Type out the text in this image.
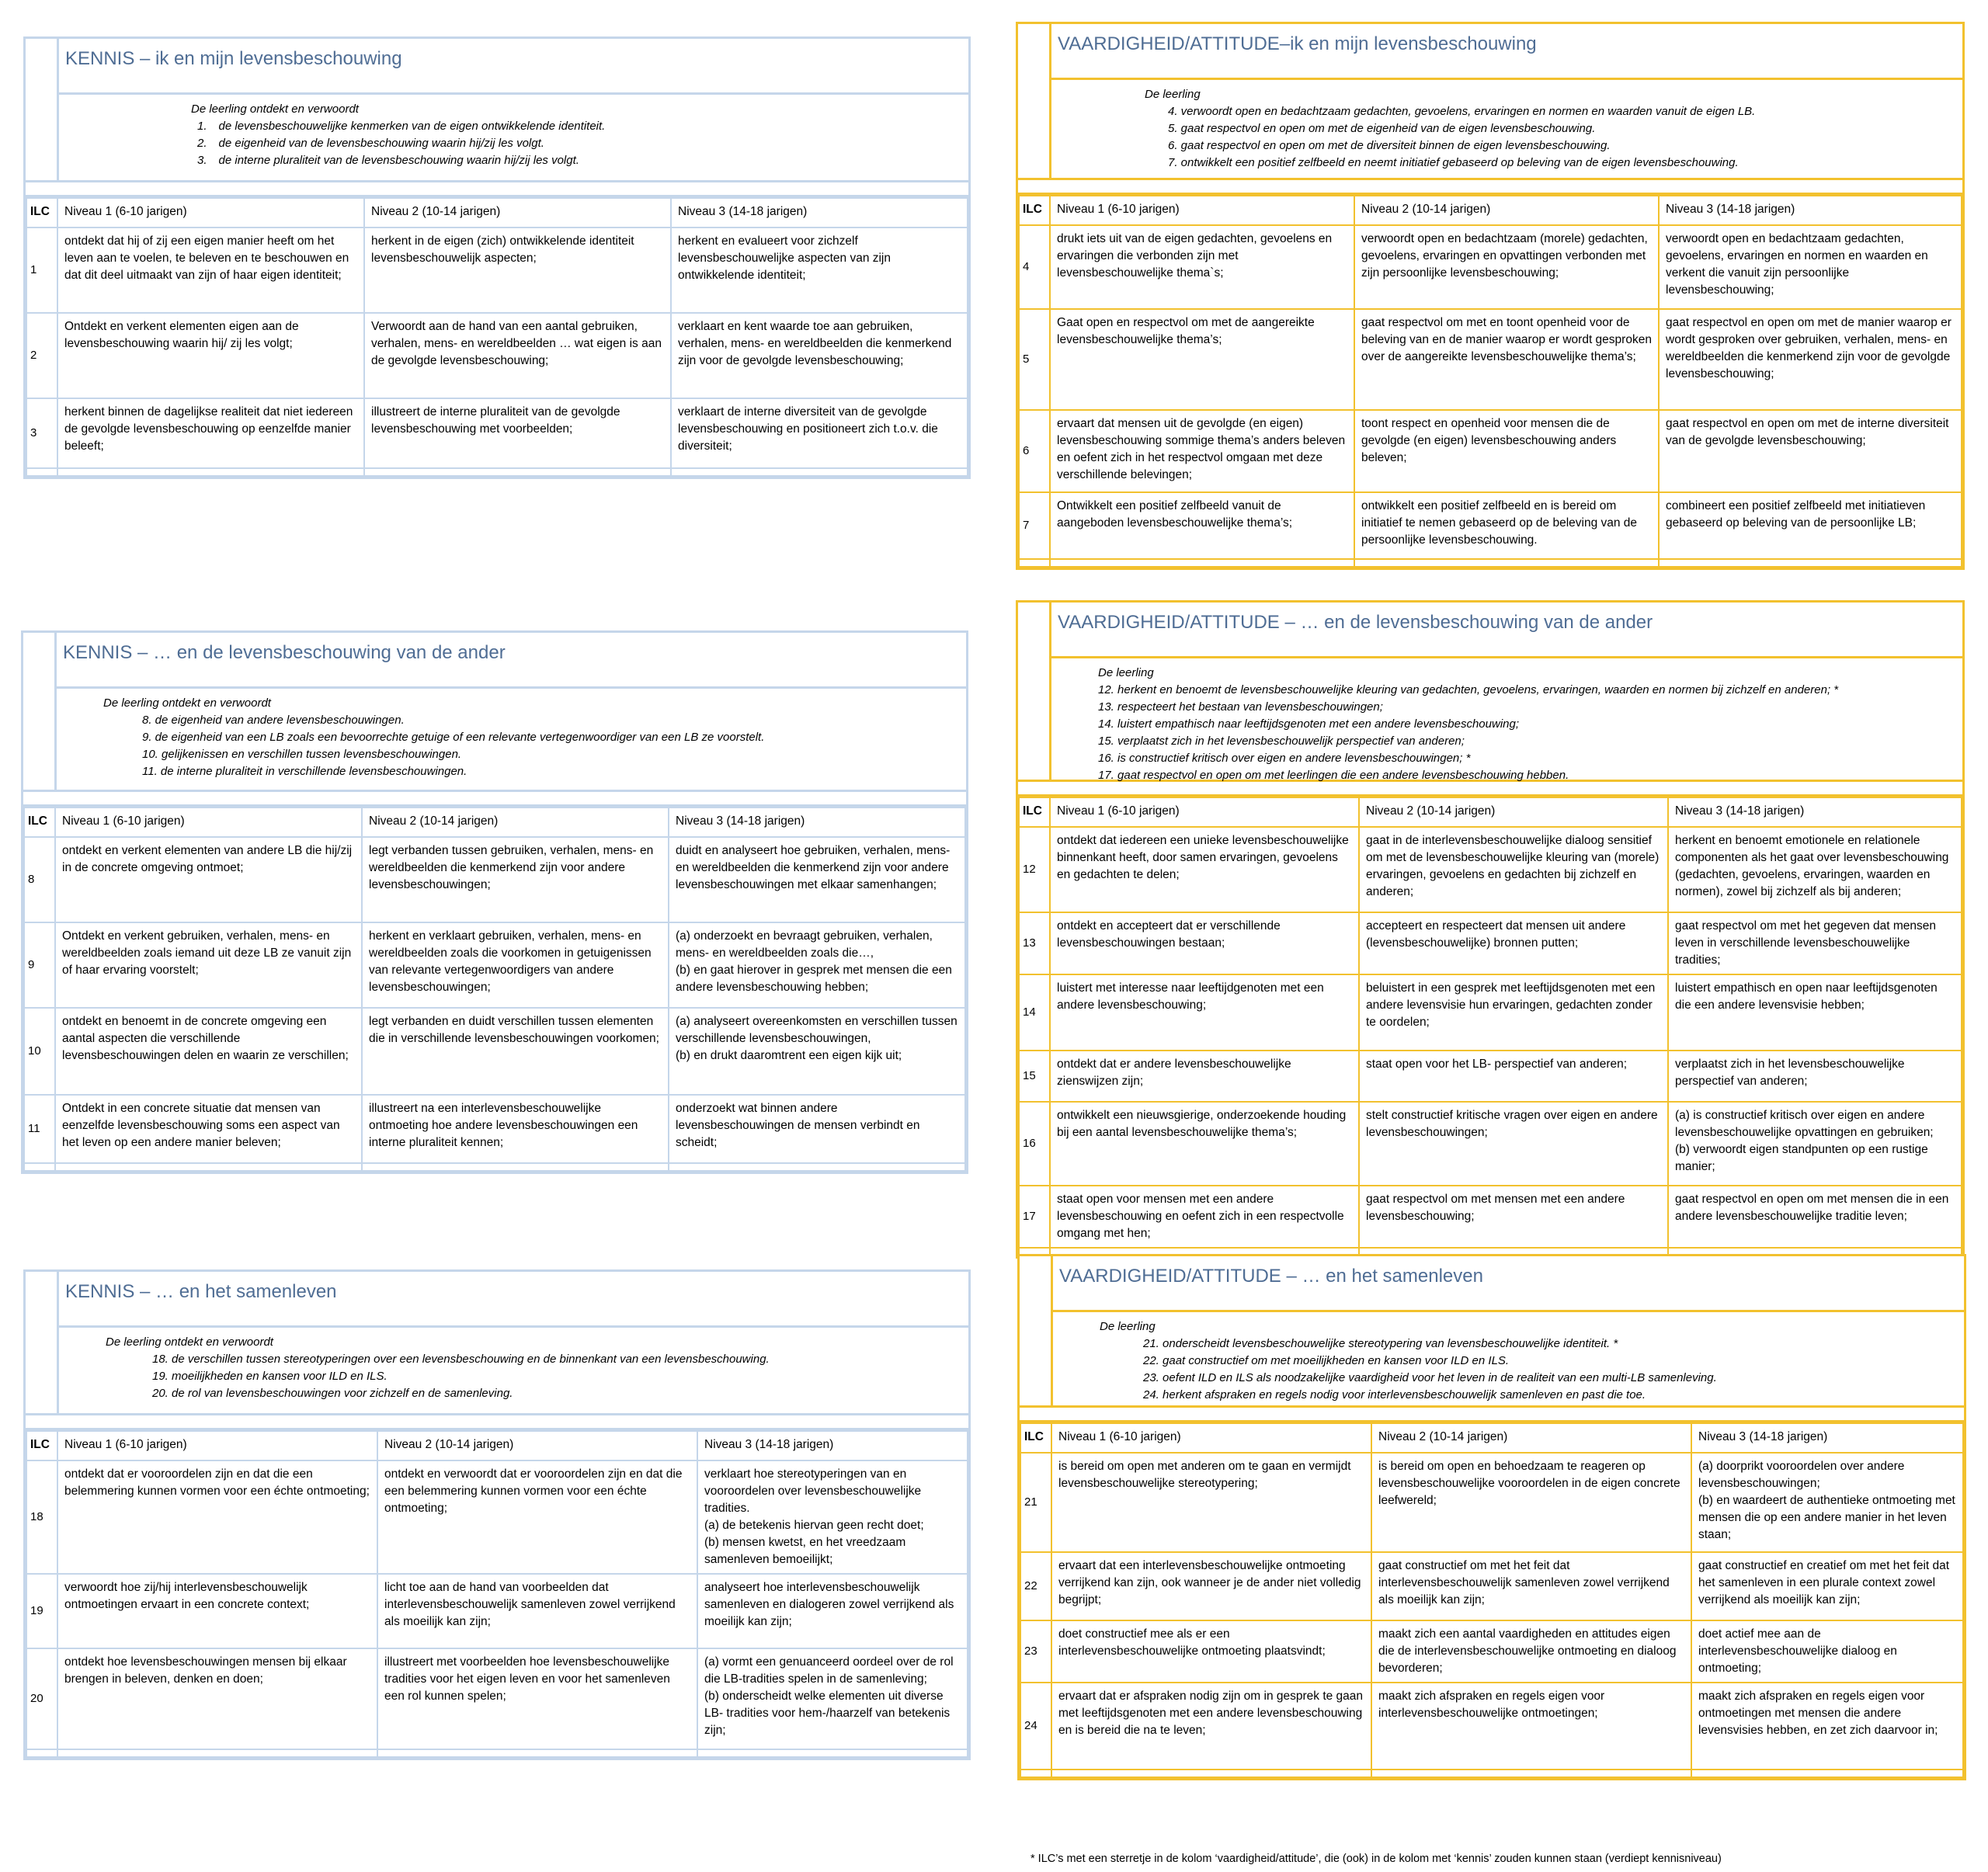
KENNIS – ik en mijn levensbeschouwing
De leerling ontdekt en verwoordt
1. de levensbeschouwelijke kenmerken van de eigen ontwikkelende identiteit.
2. de eigenheid van de levensbeschouwing waarin hij/zij les volgt.
3. de interne pluraliteit van de levensbeschouwing waarin hij/zij les volgt.
ILC	Niveau 1 (6-10 jarigen)	Niveau 2 (10-14 jarigen)	Niveau 3 (14-18 jarigen)
1	ontdekt dat hij of zij een eigen manier heeft om het leven aan te voelen, te beleven en te beschouwen en dat dit deel uitmaakt van zijn of haar eigen identiteit;	herkent in de eigen (zich) ontwikkelende identiteit levensbeschouwelijk aspecten;	herkent en evalueert voor zichzelf levensbeschouwelijke aspecten van zijn ontwikkelende identiteit;
2	Ontdekt en verkent elementen eigen aan de levensbeschouwing waarin hij/ zij les volgt;	Verwoordt aan de hand van een aantal gebruiken, verhalen, mens- en wereldbeelden … wat eigen is aan de gevolgde levensbeschouwing;	verklaart en kent waarde toe aan gebruiken, verhalen, mens- en wereldbeelden die kenmerkend zijn voor de gevolgde levensbeschouwing;
3	herkent binnen de dagelijkse realiteit dat niet iedereen de gevolgde levensbeschouwing op eenzelfde manier beleeft;	illustreert de interne pluraliteit van de gevolgde levensbeschouwing met voorbeelden;	verklaart de interne diversiteit van de gevolgde levensbeschouwing en positioneert zich t.o.v. die diversiteit;

KENNIS – … en de levensbeschouwing van de ander
De leerling ontdekt en verwoordt
8. de eigenheid van andere levensbeschouwingen.
9. de eigenheid van een LB zoals een bevoorrechte getuige of een relevante vertegenwoordiger van een LB ze voorstelt.
10. gelijkenissen en verschillen tussen levensbeschouwingen.
11. de interne pluraliteit in verschillende levensbeschouwingen.
ILC	Niveau 1 (6-10 jarigen)	Niveau 2 (10-14 jarigen)	Niveau 3 (14-18 jarigen)
8	ontdekt en verkent elementen van andere LB die hij/zij in de concrete omgeving ontmoet;	legt verbanden tussen gebruiken, verhalen, mens- en wereldbeelden die kenmerkend zijn voor andere levensbeschouwingen;	duidt en analyseert hoe gebruiken, verhalen, mens- en wereldbeelden die kenmerkend zijn voor andere levensbeschouwingen met elkaar samenhangen;
9	Ontdekt en verkent gebruiken, verhalen, mens- en wereldbeelden zoals iemand uit deze LB ze vanuit zijn of haar ervaring voorstelt;	herkent en verklaart gebruiken, verhalen, mens- en wereldbeelden zoals die voorkomen in getuigenissen van relevante vertegenwoordigers van andere levensbeschouwingen;	(a) onderzoekt en bevraagt gebruiken, verhalen, mens- en wereldbeelden zoals die…,
(b) en gaat hierover in gesprek met mensen die een andere levensbeschouwing hebben;
10	ontdekt en benoemt in de concrete omgeving een aantal aspecten die verschillende levensbeschouwingen delen en waarin ze verschillen;	legt verbanden en duidt verschillen tussen elementen die in verschillende levensbeschouwingen voorkomen;	(a) analyseert overeenkomsten en verschillen tussen verschillende levensbeschouwingen,
(b) en drukt daaromtrent een eigen kijk uit;
11	Ontdekt in een concrete situatie dat mensen van eenzelfde levensbeschouwing soms een aspect van het leven op een andere manier beleven;	illustreert na een interlevensbeschouwelijke ontmoeting hoe andere levensbeschouwingen een interne pluraliteit kennen;	onderzoekt wat binnen andere levensbeschouwingen de mensen verbindt en scheidt;

KENNIS – … en het samenleven
De leerling ontdekt en verwoordt
18. de verschillen tussen stereotyperingen over een levensbeschouwing en de binnenkant van een levensbeschouwing.
19. moeilijkheden en kansen voor ILD en ILS.
20. de rol van levensbeschouwingen voor zichzelf en de samenleving.
ILC	Niveau 1 (6-10 jarigen)	Niveau 2 (10-14 jarigen)	Niveau 3 (14-18 jarigen)
18	ontdekt dat er vooroordelen zijn en dat die een belemmering kunnen vormen voor een échte ontmoeting;	ontdekt en verwoordt dat er vooroordelen zijn en dat die een belemmering kunnen vormen voor een échte ontmoeting;	verklaart hoe stereotyperingen van en vooroordelen over levensbeschouwelijke tradities.
(a) de betekenis hiervan geen recht doet;
(b) mensen kwetst, en het vreedzaam samenleven bemoeilijkt;
19	verwoordt hoe zij/hij interlevensbeschouwelijk ontmoetingen ervaart in een concrete context;	licht toe aan de hand van voorbeelden dat interlevensbeschouwelijk samenleven zowel verrijkend als moeilijk kan zijn;	analyseert hoe interlevensbeschouwelijk samenleven en dialogeren zowel verrijkend als moeilijk kan zijn;
20	ontdekt hoe levensbeschouwingen mensen bij elkaar brengen in beleven, denken en doen;	illustreert met voorbeelden hoe levensbeschouwelijke tradities voor het eigen leven en voor het samenleven een rol kunnen spelen;	(a) vormt een genuanceerd oordeel over de rol die LB-tradities spelen in de samenleving;
(b) onderscheidt welke elementen uit diverse LB- tradities voor hem-/haarzelf van betekenis zijn;

VAARDIGHEID/ATTITUDE–ik en mijn levensbeschouwing
De leerling
4. verwoordt open en bedachtzaam gedachten, gevoelens, ervaringen en normen en waarden vanuit de eigen LB.
5. gaat respectvol en open om met de eigenheid van de eigen levensbeschouwing.
6. gaat respectvol en open om met de diversiteit binnen de eigen levensbeschouwing.
7. ontwikkelt een positief zelfbeeld en neemt initiatief gebaseerd op beleving van de eigen levensbeschouwing.
ILC	Niveau 1 (6-10 jarigen)	Niveau 2 (10-14 jarigen)	Niveau 3 (14-18 jarigen)
4	drukt iets uit van de eigen gedachten, gevoelens en ervaringen die verbonden zijn met levensbeschouwelijke thema`s;	verwoordt open en bedachtzaam (morele) gedachten, gevoelens, ervaringen en opvattingen verbonden met zijn persoonlijke levensbeschouwing;	verwoordt open en bedachtzaam gedachten, gevoelens, ervaringen en normen en waarden en verkent die vanuit zijn persoonlijke levensbeschouwing;
5	Gaat open en respectvol om met de aangereikte levensbeschouwelijke thema’s;	gaat respectvol om met en toont openheid voor de beleving van en de manier waarop er wordt gesproken over de aangereikte levensbeschouwelijke thema’s;	gaat respectvol en open om met de manier waarop er wordt gesproken over gebruiken, verhalen, mens- en wereldbeelden die kenmerkend zijn voor de gevolgde levensbeschouwing;
6	ervaart dat mensen uit de gevolgde (en eigen) levensbeschouwing sommige thema’s anders beleven en oefent zich in het respectvol omgaan met deze verschillende belevingen;	toont respect en openheid voor mensen die de gevolgde (en eigen) levensbeschouwing anders beleven;	gaat respectvol en open om met de interne diversiteit van de gevolgde levensbeschouwing;
7	Ontwikkelt een positief zelfbeeld vanuit de aangeboden levensbeschouwelijke thema’s;	ontwikkelt een positief zelfbeeld en is bereid om initiatief te nemen gebaseerd op de beleving van de persoonlijke levensbeschouwing.	combineert een positief zelfbeeld met initiatieven gebaseerd op beleving van de persoonlijke LB;

VAARDIGHEID/ATTITUDE – … en de levensbeschouwing van de ander
De leerling
12. herkent en benoemt de levensbeschouwelijke kleuring van gedachten, gevoelens, ervaringen, waarden en normen bij zichzelf en anderen; *
13. respecteert het bestaan van levensbeschouwingen;
14. luistert empathisch naar leeftijdsgenoten met een andere levensbeschouwing;
15. verplaatst zich in het levensbeschouwelijk perspectief van anderen;
16. is constructief kritisch over eigen en andere levensbeschouwingen; *
17. gaat respectvol en open om met leerlingen die een andere levensbeschouwing hebben.
ILC	Niveau 1 (6-10 jarigen)	Niveau 2 (10-14 jarigen)	Niveau 3 (14-18 jarigen)
12	ontdekt dat iedereen een unieke levensbeschouwelijke binnenkant heeft, door samen ervaringen, gevoelens en gedachten te delen;	gaat in de interlevensbeschouwelijke dialoog sensitief om met de levensbeschouwelijke kleuring van (morele) ervaringen, gevoelens en gedachten bij zichzelf en anderen;	herkent en benoemt emotionele en relationele componenten als het gaat over levensbeschouwing (gedachten, gevoelens, ervaringen, waarden en normen), zowel bij zichzelf als bij anderen;
13	ontdekt en accepteert dat er verschillende levensbeschouwingen bestaan;	accepteert en respecteert dat mensen uit andere (levensbeschouwelijke) bronnen putten;	gaat respectvol om met het gegeven dat mensen leven in verschillende levensbeschouwelijke tradities;
14	luistert met interesse naar leeftijdgenoten met een andere levensbeschouwing;	beluistert in een gesprek met leeftijdsgenoten met een andere levensvisie hun ervaringen, gedachten zonder te oordelen;	luistert empathisch en open naar leeftijdsgenoten die een andere levensvisie hebben;
15	ontdekt dat er andere levensbeschouwelijke zienswijzen zijn;	staat open voor het LB- perspectief van anderen;	verplaatst zich in het levensbeschouwelijke perspectief van anderen;
16	ontwikkelt een nieuwsgierige, onderzoekende houding bij een aantal levensbeschouwelijke thema’s;	stelt constructief kritische vragen over eigen en andere levensbeschouwingen;	(a) is constructief kritisch over eigen en andere levensbeschouwelijke opvattingen en gebruiken;
(b) verwoordt eigen standpunten op een rustige manier;
17	staat open voor mensen met een andere levensbeschouwing en oefent zich in een respectvolle omgang met hen;	gaat respectvol om met mensen met een andere levensbeschouwing;	gaat respectvol en open om met mensen die in een andere levensbeschouwelijke traditie leven;

VAARDIGHEID/ATTITUDE – … en het samenleven
De leerling
21. onderscheidt levensbeschouwelijke stereotypering van levensbeschouwelijke identiteit. *
22. gaat constructief om met moeilijkheden en kansen voor ILD en ILS.
23. oefent ILD en ILS als noodzakelijke vaardigheid voor het leven in de realiteit van een multi-LB samenleving.
24. herkent afspraken en regels nodig voor interlevensbeschouwelijk samenleven en past die toe.
ILC	Niveau 1 (6-10 jarigen)	Niveau 2 (10-14 jarigen)	Niveau 3 (14-18 jarigen)
21	is bereid om open met anderen om te gaan en vermijdt levensbeschouwelijke stereotypering;	is bereid om open en behoedzaam te reageren op levensbeschouwelijke vooroordelen in de eigen concrete leefwereld;	(a) doorprikt vooroordelen over andere levensbeschouwingen;
(b) en waardeert de authentieke ontmoeting met mensen die op een andere manier in het leven staan;
22	ervaart dat een interlevensbeschouwelijke ontmoeting verrijkend kan zijn, ook wanneer je de ander niet volledig begrijpt;	gaat constructief om met het feit dat interlevensbeschouwelijk samenleven zowel verrijkend als moeilijk kan zijn;	gaat constructief en creatief om met het feit dat het samenleven in een plurale context zowel verrijkend als moeilijk kan zijn;
23	doet constructief mee als er een interlevensbeschouwelijke ontmoeting plaatsvindt;	maakt zich een aantal vaardigheden en attitudes eigen die de interlevensbeschouwelijke ontmoeting en dialoog bevorderen;	doet actief mee aan de interlevensbeschouwelijke dialoog en ontmoeting;
24	ervaart dat er afspraken nodig zijn om in gesprek te gaan met leeftijdsgenoten met een andere levensbeschouwing en is bereid die na te leven;	maakt zich afspraken en regels eigen voor interlevensbeschouwelijke ontmoetingen;	maakt zich afspraken en regels eigen voor ontmoetingen met mensen die andere levensvisies hebben, en zet zich daarvoor in;

* ILC’s met een sterretje in de kolom ‘vaardigheid/attitude’, die (ook) in de kolom met ‘kennis’ zouden kunnen staan (verdiept kennisniveau)
